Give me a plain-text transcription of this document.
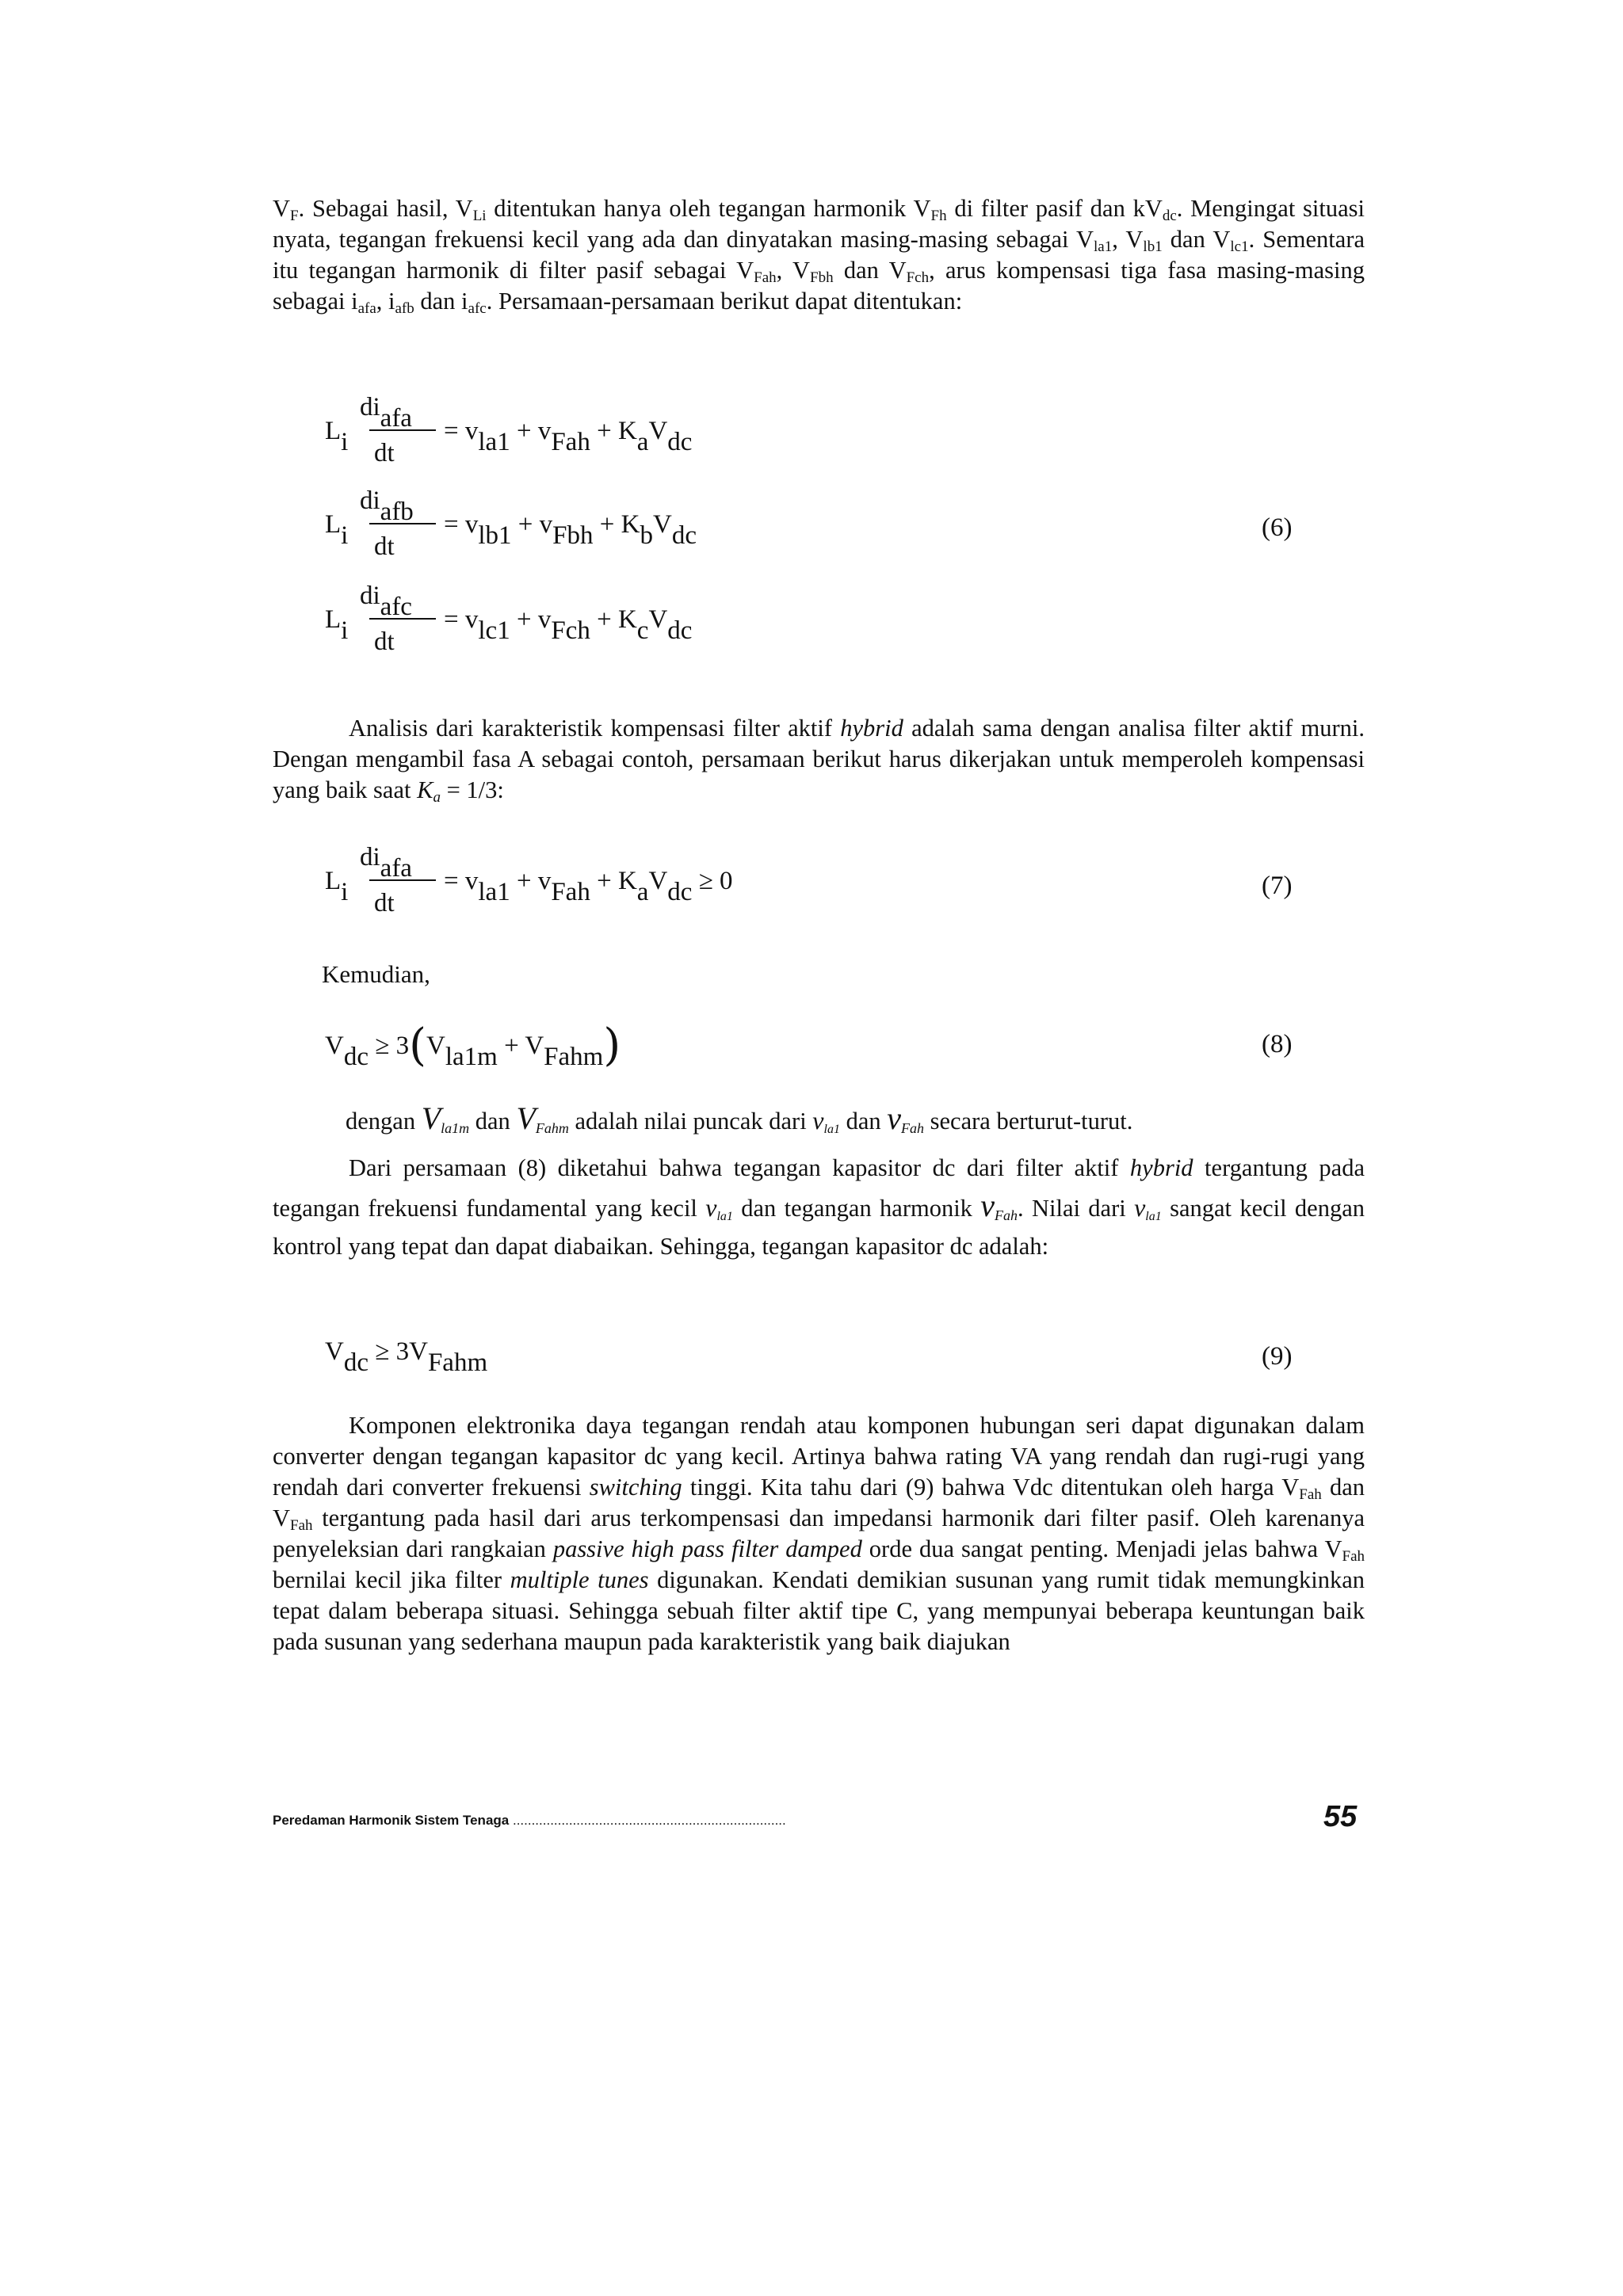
$V_F$. Sebagai hasil, $V_{Li}$ ditentukan hanya oleh tegangan harmonik $V_{Fh}$ di filter pasif dan $kV_{dc}$. Mengingat situasi nyata, tegangan frekuensi kecil yang ada dan dinyatakan masing-masing sebagai $V_{la1}$, $V_{lb1}$ dan $V_{lc1}$. Sementara itu tegangan harmonik di filter pasif sebagai $V_{Fah}$, $V_{Fbh}$ dan $V_{Fch}$, arus kompensasi tiga fasa masing-masing sebagai $i_{afa}$, $i_{afb}$ dan $i_{afc}$. Persamaan-persamaan berikut dapat ditentukan:

diafa
dt
Li	= vla1 + vFah + KaVdc
diafb
dt
Li	= vlb1 + vFbh + KbVdc	(6)
diafc
dt
Li	= vlc1 + vFch + KcVdc

Analisis dari karakteristik kompensasi filter aktif hybrid adalah sama dengan analisa filter aktif murni. Dengan mengambil fasa A sebagai contoh, persamaan berikut harus dikerjakan untuk memperoleh kompensasi yang baik saat $K_a = 1/3$:

diafa
dt
Li	= vla1 + vFah + KaVdc ≥ 0	(7)
Kemudian,
Vdc ≥ 3(Vla1m + VFahm)	(8)
dengan $V_{la1m}$ dan $V_{Fahm}$ adalah nilai puncak dari $v_{la1}$ dan $v_{Fah}$ secara berturut-turut.

Dari persamaan (8) diketahui bahwa tegangan kapasitor dc dari filter aktif hybrid tergantung pada tegangan frekuensi fundamental yang kecil $v_{la1}$ dan tegangan harmonik $v_{Fah}$. Nilai dari $v_{la1}$ sangat kecil dengan kontrol yang tepat dan dapat diabaikan. Sehingga, tegangan kapasitor dc adalah:

Vdc ≥ 3VFahm	(9)

Komponen elektronika daya tegangan rendah atau komponen hubungan seri dapat digunakan dalam converter dengan tegangan kapasitor dc yang kecil. Artinya bahwa rating VA yang rendah dan rugi-rugi yang rendah dari converter frekuensi switching tinggi. Kita tahu dari (9) bahwa Vdc ditentukan oleh harga $V_{Fah}$ dan $V_{Fah}$ tergantung pada hasil dari arus terkompensasi dan impedansi harmonik dari filter pasif. Oleh karenanya penyeleksian dari rangkaian passive high pass filter damped orde dua sangat penting. Menjadi jelas bahwa $V_{Fah}$ bernilai kecil jika filter multiple tunes digunakan. Kendati demikian susunan yang rumit tidak memungkinkan tepat dalam beberapa situasi. Sehingga sebuah filter aktif tipe C, yang mempunyai beberapa keuntungan baik pada susunan yang sederhana maupun pada karakteristik yang baik diajukan

Peredaman Harmonik Sistem Tenaga .........................................................................	55
